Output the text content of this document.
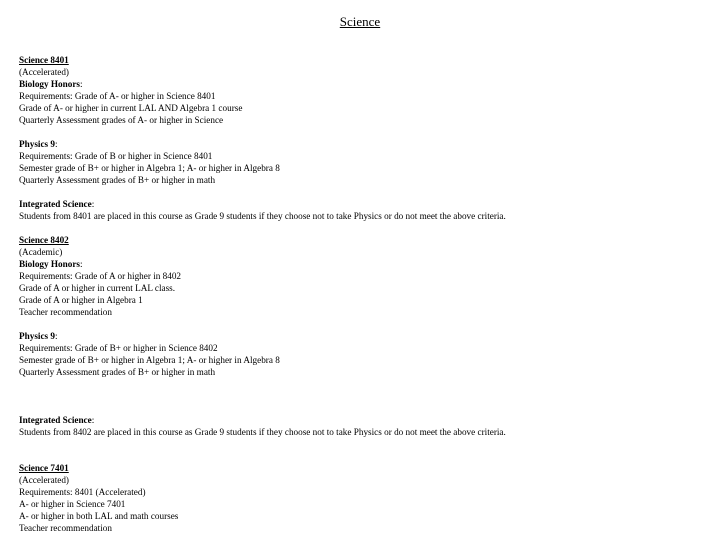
Science
Science 8401
(Accelerated)
Biology Honors:
Requirements: Grade of A- or higher in Science 8401
Grade of A- or higher in current LAL AND Algebra 1 course
Quarterly Assessment grades of A- or higher in Science
Physics 9:
Requirements: Grade of B or higher in Science 8401
Semester grade of B+ or higher in Algebra 1; A- or higher in Algebra 8
Quarterly Assessment grades of B+ or higher in math
Integrated Science:
Students from 8401 are placed in this course as Grade 9 students if they choose not to take Physics or do not meet the above criteria.
Science 8402
(Academic)
Biology Honors:
Requirements: Grade of A or higher in 8402
Grade of A or higher in current LAL class.
Grade of A or higher in Algebra 1
Teacher recommendation
Physics 9:
Requirements: Grade of B+ or higher in Science 8402
Semester grade of B+ or higher in Algebra 1; A- or higher in Algebra 8
Quarterly Assessment grades of B+ or higher in math
Integrated Science:
Students from 8402 are placed in this course as Grade 9 students if they choose not to take Physics or do not meet the above criteria.
Science 7401
(Accelerated)
Requirements: 8401 (Accelerated)
A- or higher in Science 7401
A- or higher in both LAL and math courses
Teacher recommendation
